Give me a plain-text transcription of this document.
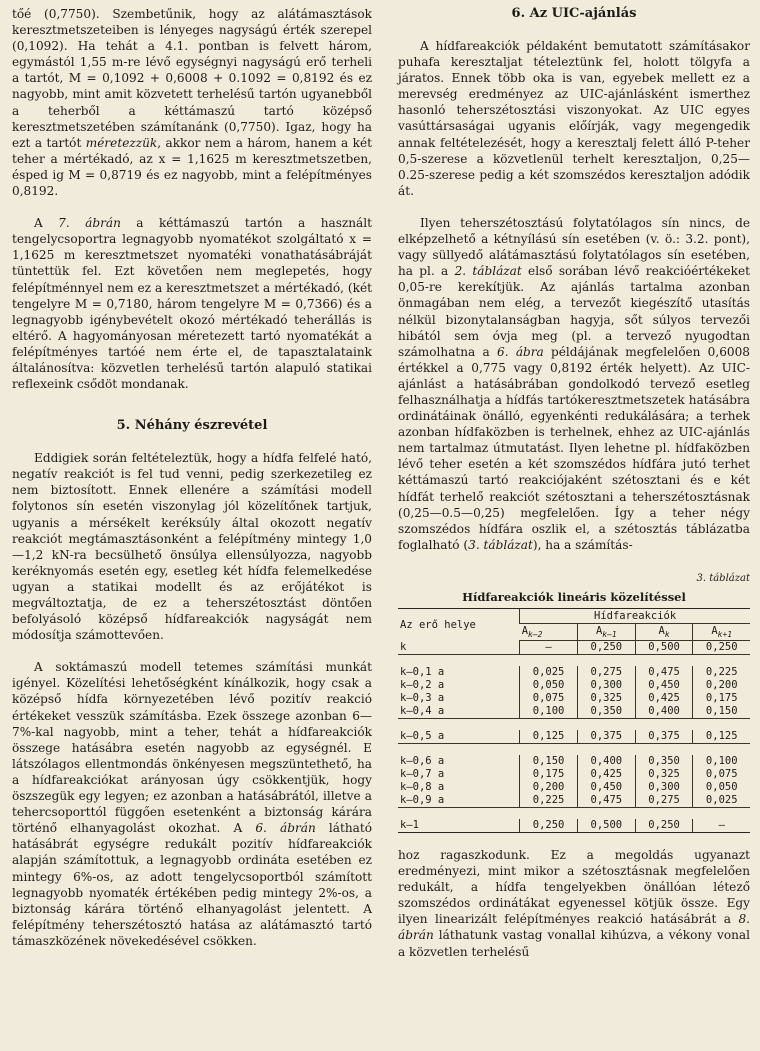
tőé (0,7750). Szembetűnik, hogy az alátámasztások keresztmetszeteiben is lényeges nagyságú érték szerepel (0,1092). Ha tehát a 4.1. pontban is felvett három, egymástól 1,55 m-re lévő egységnyi nagyságú erő terheli a tartót, M = 0,1092 + 0,6008 + 0.1092 = 0,8192 és ez nagyobb, mint amit közvetett terhelésű tartón ugyanebből a teherből a kéttámaszú tartó középső keresztmetszetében számítanánk (0,7750). Igaz, hogy ha ezt a tartót méretezzük, akkor nem a három, hanem a két teher a mértékadó, az x = 1,1625 m keresztmetszetben, ésped ig M = 0,8719 és ez nagyobb, mint a felépítményes 0,8192.

A 7. ábrán a kéttámaszú tartón a használt tengelycsoportra legnagyobb nyomatékot szolgáltató x = 1,1625 m keresztmetszet nyomatéki vonathatásábráját tüntettük fel. Ezt követően nem meglepetés, hogy felépítménnyel nem ez a keresztmetszet a mértékadó, (két tengelyre M = 0,7180, három tengelyre M = 0,7366) és a legnagyobb igénybevételt okozó mértékadó teherállás is eltérő. A hagyományosan méretezett tartó nyomatékát a felépítményes tartóé nem érte el, de tapasztalataink általánosítva: közvetlen terhelésű tartón alapuló statikai reflexeink csődöt mondanak.

5. Néhány észrevétel

Eddigiek során feltételeztük, hogy a hídfa felfelé ható, negatív reakciót is fel tud venni, pedig szerkezetileg ez nem biztosított. Ennek ellenére a számítási modell folytonos sín esetén viszonylag jól közelítőnek tartjuk, ugyanis a mérsékelt keréksúly által okozott negatív reakciót megtámasztásonként a felépítmény mintegy 1,0—1,2 kN-ra becsülhető önsúlya ellensúlyozza, nagyobb keréknyomás esetén egy, esetleg két hídfa felemelkedése ugyan a statikai modellt és az erőjátékot is megváltoztatja, de ez a teherszétosztást döntően befolyásoló középső hídfareakciók nagyságát nem módosítja számottevően.

A soktámaszú modell tetemes számítási munkát igényel. Közelítési lehetőségként kínálkozik, hogy csak a középső hídfa környezetében lévő pozitív reakció értékeket vesszük számításba. Ezek összege azonban 6—7%-kal nagyobb, mint a teher, tehát a hídfareakciók összege hatásábra esetén nagyobb az egységnél. E látszólagos ellentmondás önkényesen megszüntethető, ha a hídfareakciókat arányosan úgy csökkentjük, hogy öszszegük egy legyen; ez azonban a hatásábrától, illetve a tehercsoporttól függően esetenként a biztonság kárára történő elhanyagolást okozhat. A 6. ábrán látható hatásábrát egységre redukált pozitív hídfareakciók alapján számítottuk, a legnagyobb ordináta esetében ez mintegy 6%-os, az adott tengelycsoportból számított legnagyobb nyomaték értékében pedig mintegy 2%-os, a biztonság kárára történő elhanyagolást jelentett. A felépítmény teherszétosztó hatása az alátámasztó tartó támaszközének növekedésével csökken.

6. Az UIC-ajánlás

A hídfareakciók példaként bemutatott számításakor puhafa keresztaljat tételeztünk fel, holott tölgyfa a járatos. Ennek több oka is van, egyebek mellett ez a merevség eredményez az UIC-ajánlásként ismerthez hasonló teherszétosztási viszonyokat. Az UIC egyes vasúttársaságai ugyanis előírják, vagy megengedik annak feltételezését, hogy a keresztalj felett álló P-teher 0,5-szerese a közvetlenül terhelt keresztaljon, 0,25—0.25-szerese pedig a két szomszédos keresztaljon adódik át.

Ilyen teherszétosztású folytatólagos sín nincs, de elképzelhető a kétnyílású sín esetében (v. ö.: 3.2. pont), vagy süllyedő alátámasztású folytatólagos sín esetében, ha pl. a 2. táblázat első sorában lévő reakcióértékeket 0,05-re kerekítjük. Az ajánlás tartalma azonban önmagában nem elég, a tervezőt kiegészítő utasítás nélkül bizonytalanságban hagyja, sőt súlyos tervezői hibától sem óvja meg (pl. a tervező nyugodtan számolhatna a 6. ábra példájának megfelelően 0,6008 értékkel a 0,775 vagy 0,8192 érték helyett). Az UIC-ajánlást a hatásábrában gondolkodó tervező esetleg felhasználhatja a hídfás tartókeresztmetszetek hatásábra ordinátáinak önálló, egyenkénti redukálására; a terhek azonban hídfaközben is terhelnek, ehhez az UIC-ajánlás nem tartalmaz útmutatást. Ilyen lehetne pl. hídfaközben lévő teher esetén a két szomszédos hídfára jutó terhet kéttámaszú tartó reakciójaként szétosztani és e két hídfát terhelő reakciót szétosztani a teherszétosztásnak (0,25—0.5—0,25) megfelelően. Így a teher négy szomszédos hídfára oszlik el, a szétosztás táblázatba foglalható (3. táblázat), ha a számítás-

3. táblázat
Hídfareakciók lineáris közelítéssel
Az erő helye	Hídfareakciók			
	$A_{k—2}$	$A_{k—1}$	$A_k$	$A_{k+1}$
k	—	0,250	0,500	0,250

k—0,1 a	0,025	0,275	0,475	0,225
k—0,2 a	0,050	0,300	0,450	0,200
k—0,3 a	0,075	0,325	0,425	0,175
k—0,4 a	0,100	0,350	0,400	0,150

k—0,5 a	0,125	0,375	0,375	0,125

k—0,6 a	0,150	0,400	0,350	0,100
k—0,7 a	0,175	0,425	0,325	0,075
k—0,8 a	0,200	0,450	0,300	0,050
k—0,9 a	0,225	0,475	0,275	0,025

k—1	0,250	0,500	0,250	—

hoz ragaszkodunk. Ez a megoldás ugyanazt eredményezi, mint mikor a szétosztásnak megfelelően redukált, a hídfa tengelyekben önállóan létező szomszédos ordinátákat egyenessel kötjük össze. Egy ilyen linearizált felépítményes reakció hatásábrát a 8. ábrán láthatunk vastag vonallal kihúzva, a vékony vonal a közvetlen terhelésű
